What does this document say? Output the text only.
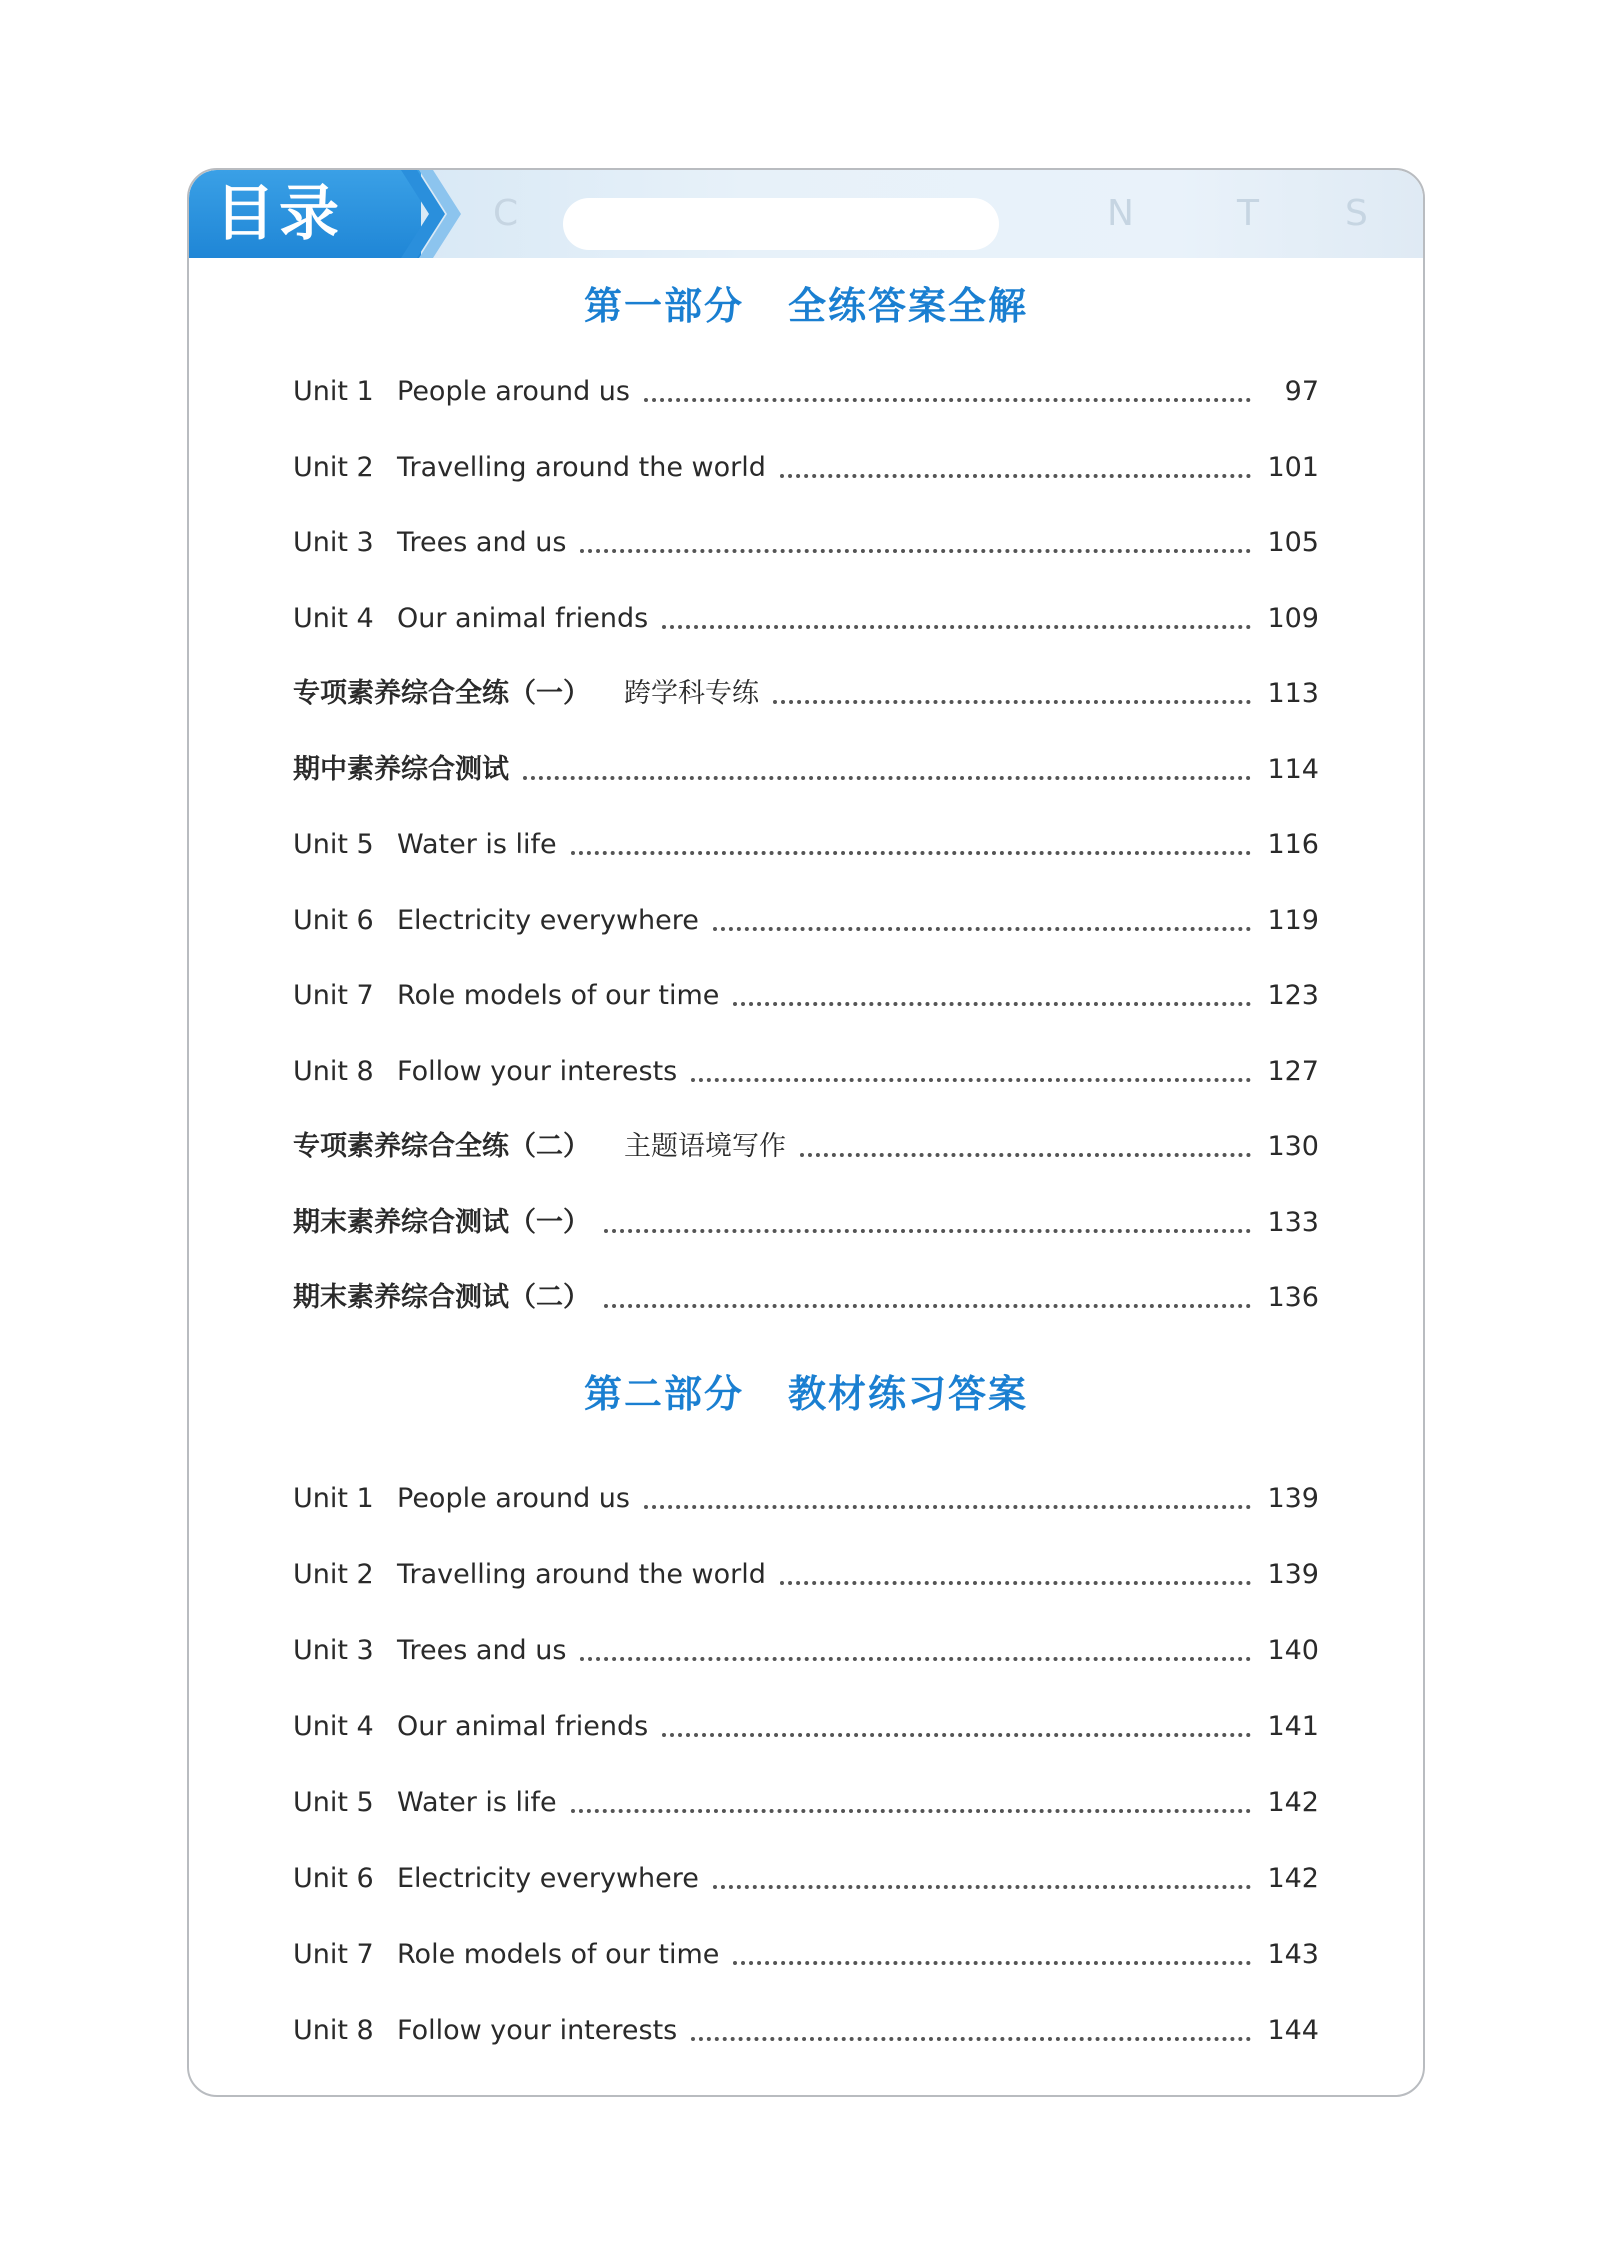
C	N	T S
目录
第一部分 全练答案全解
Unit 1 People around us	97
Unit 2 Travelling around the world	101
Unit 3 Trees and us	105
Unit 4 Our animal friends	109
专项素养综合全练（一） 跨学科专练	113
期中素养综合测试	114
Unit 5 Water is life	116
Unit 6 Electricity everywhere	119
Unit 7 Role models of our time	123
Unit 8 Follow your interests	127
专项素养综合全练（二） 主题语境写作	130
期末素养综合测试（一）	133
期末素养综合测试（二）	136
第二部分 教材练习答案
Unit 1 People around us	139
Unit 2 Travelling around the world	139
Unit 3 Trees and us	140
Unit 4 Our animal friends	141
Unit 5 Water is life	142
Unit 6 Electricity everywhere	142
Unit 7 Role models of our time	143
Unit 8 Follow your interests	144
